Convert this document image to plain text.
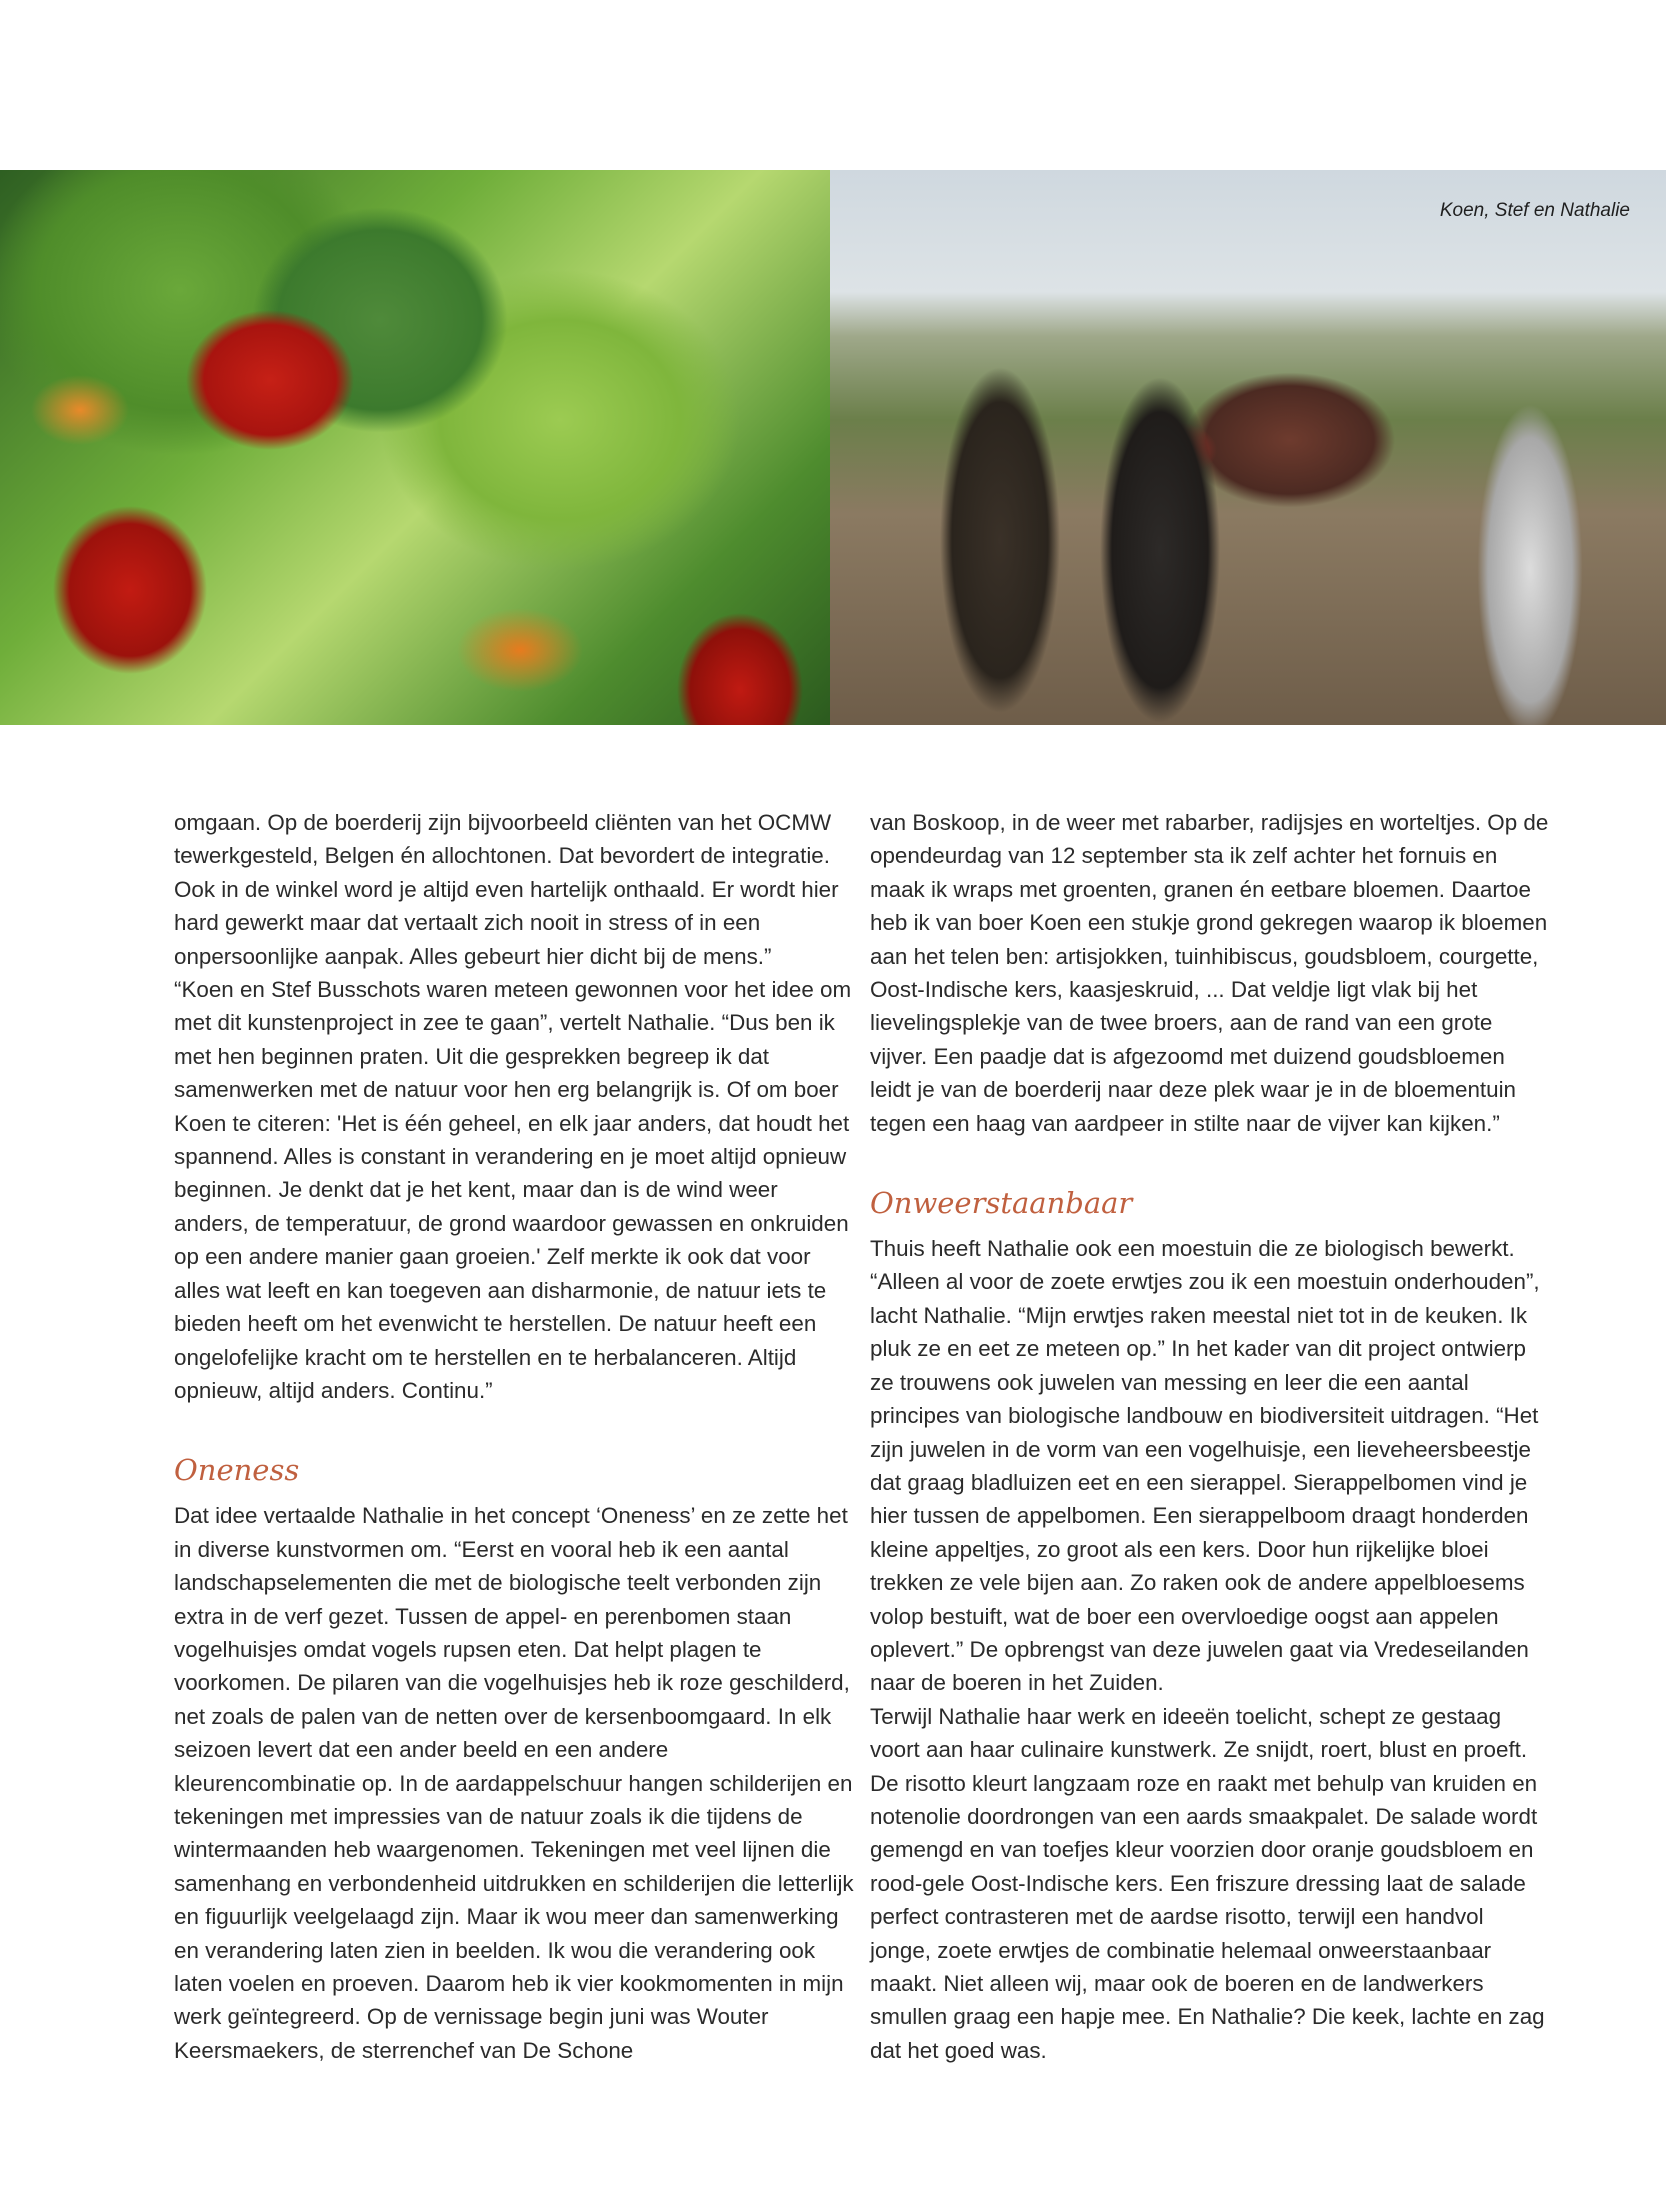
Koen, Stef en Nathalie

omgaan. Op de boerderij zijn bijvoorbeeld cliënten van het OCMW tewerkgesteld, Belgen én allochtonen. Dat bevordert de integratie. Ook in de winkel word je altijd even hartelijk onthaald. Er wordt hier hard gewerkt maar dat vertaalt zich nooit in stress of in een onpersoonlijke aanpak. Alles gebeurt hier dicht bij de mens.”

“Koen en Stef Busschots waren meteen gewonnen voor het idee om met dit kunstenproject in zee te gaan”, vertelt Nathalie. “Dus ben ik met hen beginnen praten. Uit die gesprekken begreep ik dat samenwerken met de natuur voor hen erg belangrijk is. Of om boer Koen te citeren: 'Het is één geheel, en elk jaar anders, dat houdt het spannend. Alles is constant in verandering en je moet altijd opnieuw beginnen. Je denkt dat je het kent, maar dan is de wind weer anders, de temperatuur, de grond waardoor gewassen en onkruiden op een andere manier gaan groeien.' Zelf merkte ik ook dat voor alles wat leeft en kan toegeven aan disharmonie, de natuur iets te bieden heeft om het evenwicht te herstellen. De natuur heeft een ongelofelijke kracht om te herstellen en te herbalanceren. Altijd opnieuw, altijd anders. Continu.”

Oneness

Dat idee vertaalde Nathalie in het concept ‘Oneness’ en ze zette het in diverse kunstvormen om. “Eerst en vooral heb ik een aantal landschapselementen die met de biologische teelt verbonden zijn extra in de verf gezet. Tussen de appel- en perenbomen staan vogelhuisjes omdat vogels rupsen eten. Dat helpt plagen te voorkomen. De pilaren van die vogelhuisjes heb ik roze geschilderd, net zoals de palen van de netten over de kersenboomgaard. In elk seizoen levert dat een ander beeld en een andere kleurencombinatie op. In de aardappelschuur hangen schilderijen en tekeningen met impressies van de natuur zoals ik die tijdens de wintermaanden heb waargenomen. Tekeningen met veel lijnen die samenhang en verbondenheid uitdrukken en schilderijen die letterlijk en figuurlijk veelgelaagd zijn. Maar ik wou meer dan samenwerking en verandering laten zien in beelden. Ik wou die verandering ook laten voelen en proeven. Daarom heb ik vier kookmomenten in mijn werk geïntegreerd. Op de vernissage begin juni was Wouter Keersmaekers, de sterrenchef van De Schone

van Boskoop, in de weer met rabarber, radijsjes en worteltjes. Op de opendeurdag van 12 september sta ik zelf achter het fornuis en maak ik wraps met groenten, granen én eetbare bloemen. Daartoe heb ik van boer Koen een stukje grond gekregen waarop ik bloemen aan het telen ben: artisjokken, tuinhibiscus, goudsbloem, courgette, Oost-Indische kers, kaasjeskruid, ... Dat veldje ligt vlak bij het lievelingsplekje van de twee broers, aan de rand van een grote vijver. Een paadje dat is afgezoomd met duizend goudsbloemen leidt je van de boerderij naar deze plek waar je in de bloementuin tegen een haag van aardpeer in stilte naar de vijver kan kijken.”

Onweerstaanbaar

Thuis heeft Nathalie ook een moestuin die ze biologisch bewerkt. “Alleen al voor de zoete erwtjes zou ik een moestuin onderhouden”, lacht Nathalie. “Mijn erwtjes raken meestal niet tot in de keuken. Ik pluk ze en eet ze meteen op.” In het kader van dit project ontwierp ze trouwens ook juwelen van messing en leer die een aantal principes van biologische landbouw en biodiversiteit uitdragen. “Het zijn juwelen in de vorm van een vogelhuisje, een lieveheersbeestje dat graag bladluizen eet en een sierappel. Sierappelbomen vind je hier tussen de appelbomen. Een sierappelboom draagt honderden kleine appeltjes, zo groot als een kers. Door hun rijkelijke bloei trekken ze vele bijen aan. Zo raken ook de andere appelbloesems volop bestuift, wat de boer een overvloedige oogst aan appelen oplevert.” De opbrengst van deze juwelen gaat via Vredeseilanden naar de boeren in het Zuiden.

Terwijl Nathalie haar werk en ideeën toelicht, schept ze gestaag voort aan haar culinaire kunstwerk. Ze snijdt, roert, blust en proeft. De risotto kleurt langzaam roze en raakt met behulp van kruiden en notenolie doordrongen van een aards smaakpalet. De salade wordt gemengd en van toefjes kleur voorzien door oranje goudsbloem en rood-gele Oost-Indische kers. Een friszure dressing laat de salade perfect contrasteren met de aardse risotto, terwijl een handvol jonge, zoete erwtjes de combinatie helemaal onweerstaanbaar maakt. Niet alleen wij, maar ook de boeren en de landwerkers smullen graag een hapje mee. En Nathalie? Die keek, lachte en zag dat het goed was.
